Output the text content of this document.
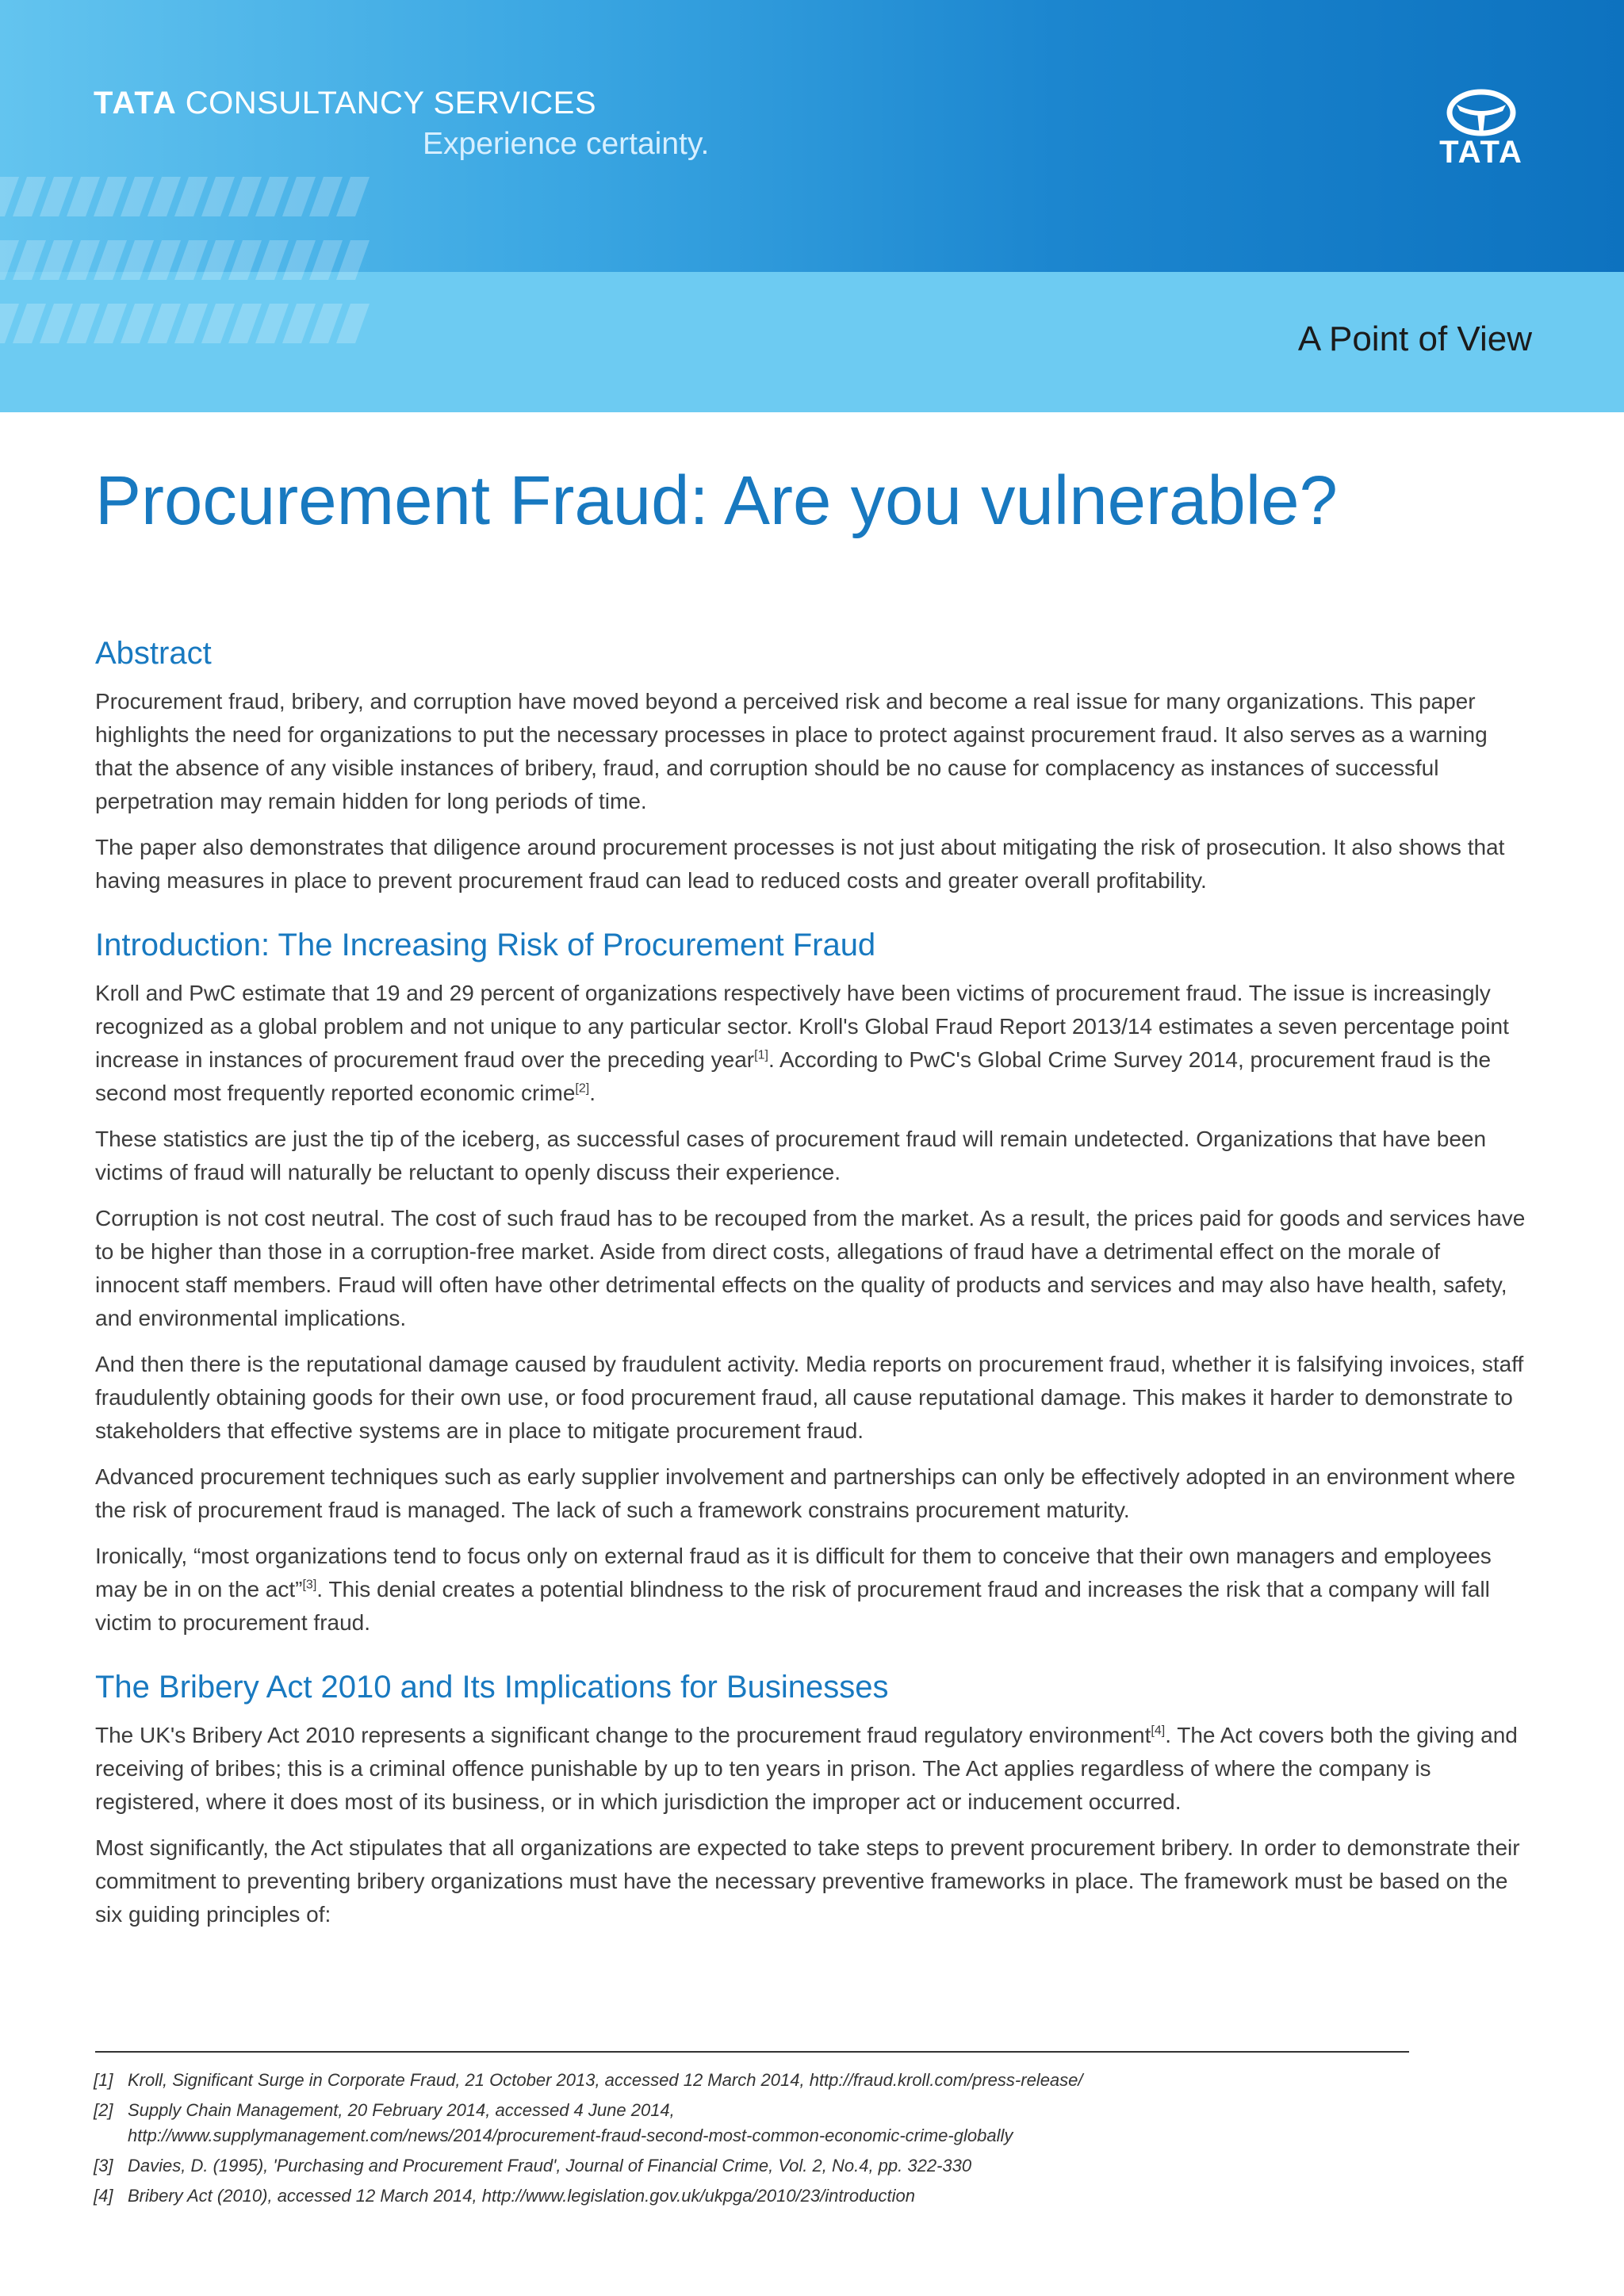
TATA CONSULTANCY SERVICES
Experience certainty.	TATA
A Point of View
Procurement Fraud: Are you vulnerable?
Abstract

Procurement fraud, bribery, and corruption have moved beyond a perceived risk and become a real issue for many organizations. This paper highlights the need for organizations to put the necessary processes in place to protect against procurement fraud. It also serves as a warning that the absence of any visible instances of bribery, fraud, and corruption should be no cause for complacency as instances of successful perpetration may remain hidden for long periods of time.

The paper also demonstrates that diligence around procurement processes is not just about mitigating the risk of prosecution. It also shows that having measures in place to prevent procurement fraud can lead to reduced costs and greater overall profitability.

Introduction: The Increasing Risk of Procurement Fraud

Kroll and PwC estimate that 19 and 29 percent of organizations respectively have been victims of procurement fraud. The issue is increasingly recognized as a global problem and not unique to any particular sector. Kroll's Global Fraud Report 2013/14 estimates a seven percentage point increase in instances of procurement fraud over the preceding year[1]. According to PwC's Global Crime Survey 2014, procurement fraud is the second most frequently reported economic crime[2].

These statistics are just the tip of the iceberg, as successful cases of procurement fraud will remain undetected. Organizations that have been victims of fraud will naturally be reluctant to openly discuss their experience.

Corruption is not cost neutral. The cost of such fraud has to be recouped from the market. As a result, the prices paid for goods and services have to be higher than those in a corruption-free market. Aside from direct costs, allegations of fraud have a detrimental effect on the morale of innocent staff members. Fraud will often have other detrimental effects on the quality of products and services and may also have health, safety, and environmental implications.

And then there is the reputational damage caused by fraudulent activity. Media reports on procurement fraud, whether it is falsifying invoices, staff fraudulently obtaining goods for their own use, or food procurement fraud, all cause reputational damage. This makes it harder to demonstrate to stakeholders that effective systems are in place to mitigate procurement fraud.

Advanced procurement techniques such as early supplier involvement and partnerships can only be effectively adopted in an environment where the risk of procurement fraud is managed. The lack of such a framework constrains procurement maturity.

Ironically, “most organizations tend to focus only on external fraud as it is difficult for them to conceive that their own managers and employees may be in on the act”[3]. This denial creates a potential blindness to the risk of procurement fraud and increases the risk that a company will fall victim to procurement fraud.

The Bribery Act 2010 and Its Implications for Businesses

The UK's Bribery Act 2010 represents a significant change to the procurement fraud regulatory environment[4]. The Act covers both the giving and receiving of bribes; this is a criminal offence punishable by up to ten years in prison. The Act applies regardless of where the company is registered, where it does most of its business, or in which jurisdiction the improper act or inducement occurred.

Most significantly, the Act stipulates that all organizations are expected to take steps to prevent procurement bribery. In order to demonstrate their commitment to preventing bribery organizations must have the necessary preventive frameworks in place. The framework must be based on the six guiding principles of:

[1] Kroll, Significant Surge in Corporate Fraud, 21 October 2013, accessed 12 March 2014, http://fraud.kroll.com/press-release/
[2] Supply Chain Management, 20 February 2014, accessed 4 June 2014,
http://www.supplymanagement.com/news/2014/procurement-fraud-second-most-common-economic-crime-globally
[3] Davies, D. (1995), 'Purchasing and Procurement Fraud', Journal of Financial Crime, Vol. 2, No.4, pp. 322-330
[4] Bribery Act (2010), accessed 12 March 2014, http://www.legislation.gov.uk/ukpga/2010/23/introduction
